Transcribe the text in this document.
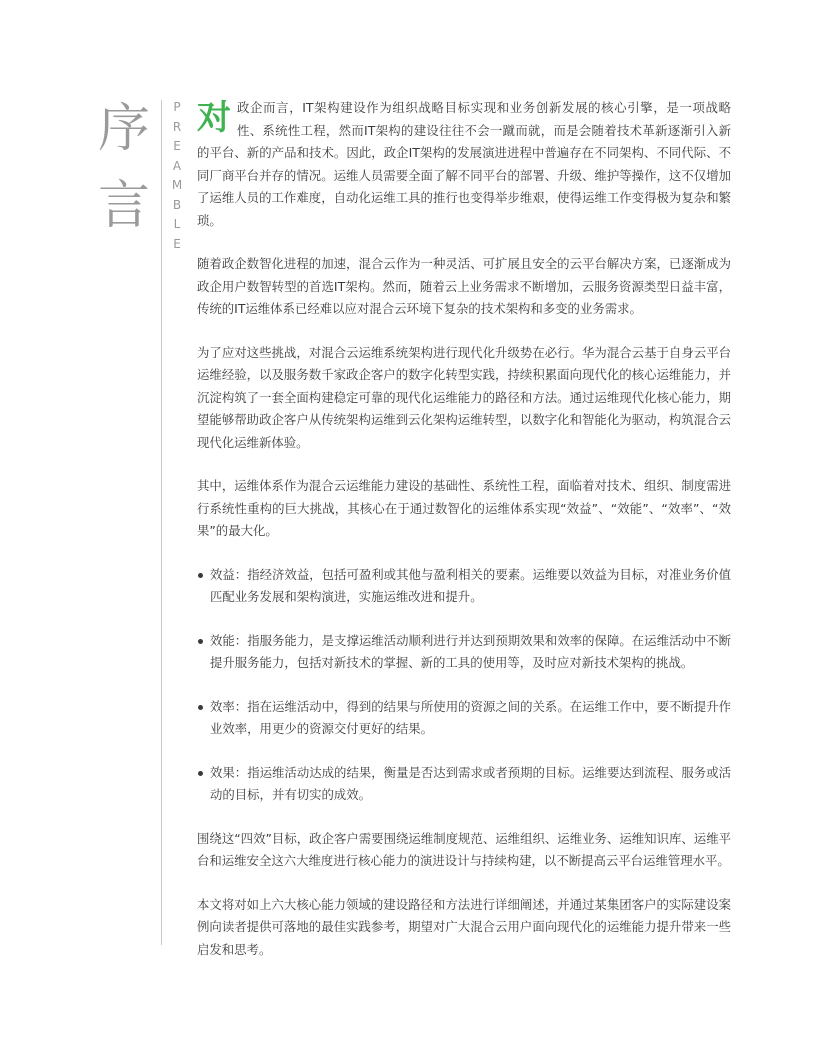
序
言
P
R
E
A
M
B
L
E

对 政企而言，IT架构建设作为组织战略目标实现和业务创新发展的核心引擎，是一项战略性、系统性工程，然而IT架构的建设往往不会一蹴而就，而是会随着技术革新逐渐引入新的平台、新的产品和技术。因此，政企IT架构的发展演进进程中普遍存在不同架构、不同代际、不同厂商平台并存的情况。运维人员需要全面了解不同平台的部署、升级、维护等操作，这不仅增加了运维人员的工作难度，自动化运维工具的推行也变得举步维艰，使得运维工作变得极为复杂和繁琐。

随着政企数智化进程的加速，混合云作为一种灵活、可扩展且安全的云平台解决方案，已逐渐成为政企用户数智转型的首选IT架构。然而，随着云上业务需求不断增加，云服务资源类型日益丰富，传统的IT运维体系已经难以应对混合云环境下复杂的技术架构和多变的业务需求。

为了应对这些挑战，对混合云运维系统架构进行现代化升级势在必行。华为混合云基于自身云平台运维经验，以及服务数千家政企客户的数字化转型实践，持续积累面向现代化的核心运维能力，并沉淀构筑了一套全面构建稳定可靠的现代化运维能力的路径和方法。通过运维现代化核心能力，期望能够帮助政企客户从传统架构运维到云化架构运维转型，以数字化和智能化为驱动，构筑混合云现代化运维新体验。

其中，运维体系作为混合云运维能力建设的基础性、系统性工程，面临着对技术、组织、制度需进行系统性重构的巨大挑战，其核心在于通过数智化的运维体系实现“效益”、“效能”、“效率”、“效果”的最大化。

效益：指经济效益，包括可盈利或其他与盈利相关的要素。运维要以效益为目标，对准业务价值匹配业务发展和架构演进，实施运维改进和提升。
效能：指服务能力，是支撑运维活动顺利进行并达到预期效果和效率的保障。在运维活动中不断提升服务能力，包括对新技术的掌握、新的工具的使用等，及时应对新技术架构的挑战。
效率：指在运维活动中，得到的结果与所使用的资源之间的关系。在运维工作中，要不断提升作业效率，用更少的资源交付更好的结果。
效果：指运维活动达成的结果，衡量是否达到需求或者预期的目标。运维要达到流程、服务或活动的目标，并有切实的成效。

围绕这“四效”目标，政企客户需要围绕运维制度规范、运维组织、运维业务、运维知识库、运维平台和运维安全这六大维度进行核心能力的演进设计与持续构建，以不断提高云平台运维管理水平。

本文将对如上六大核心能力领域的建设路径和方法进行详细阐述，并通过某集团客户的实际建设案例向读者提供可落地的最佳实践参考，期望对广大混合云用户面向现代化的运维能力提升带来一些启发和思考。
